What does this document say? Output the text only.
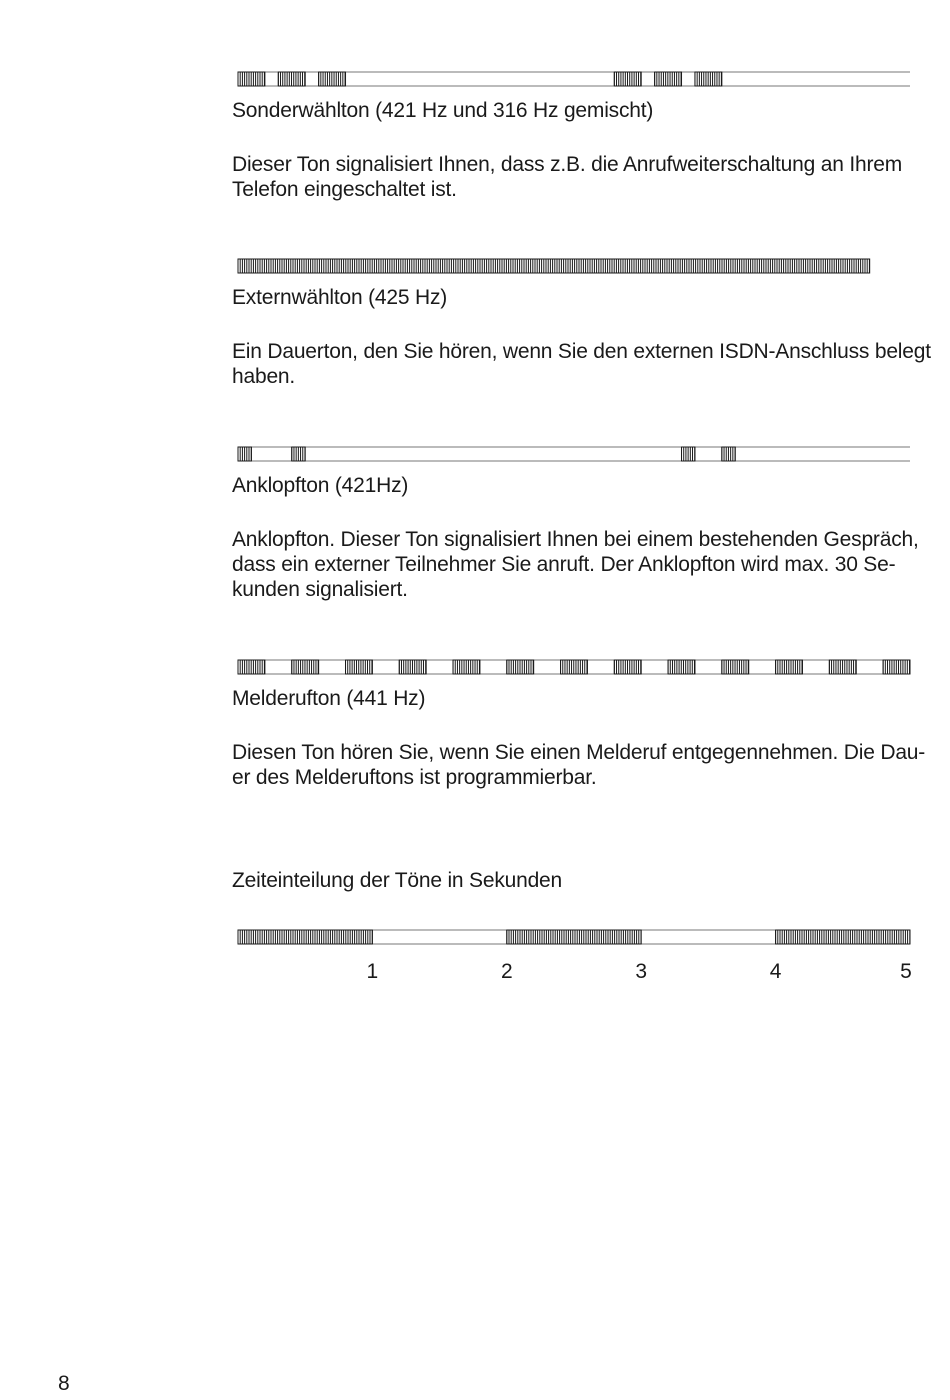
Sonderwählton (421 Hz und 316 Hz gemischt)
Dieser Ton signalisiert Ihnen, dass z.B. die Anrufweiterschaltung an Ihrem
Telefon eingeschaltet ist.
Externwählton (425 Hz)
Ein Dauerton, den Sie hören, wenn Sie den externen ISDN-Anschluss belegt
haben.
Anklopfton (421Hz)
Anklopfton. Dieser Ton signalisiert Ihnen bei einem bestehenden Gespräch,
dass ein externer Teilnehmer Sie anruft. Der Anklopfton wird max. 30 Se-
kunden signalisiert.
Melderufton (441 Hz)
Diesen Ton hören Sie, wenn Sie einen Melderuf entgegennehmen. Die Dau-
er des Melderuftons ist programmierbar.
Zeiteinteilung der Töne in Sekunden
1	2	3	4	5
8
